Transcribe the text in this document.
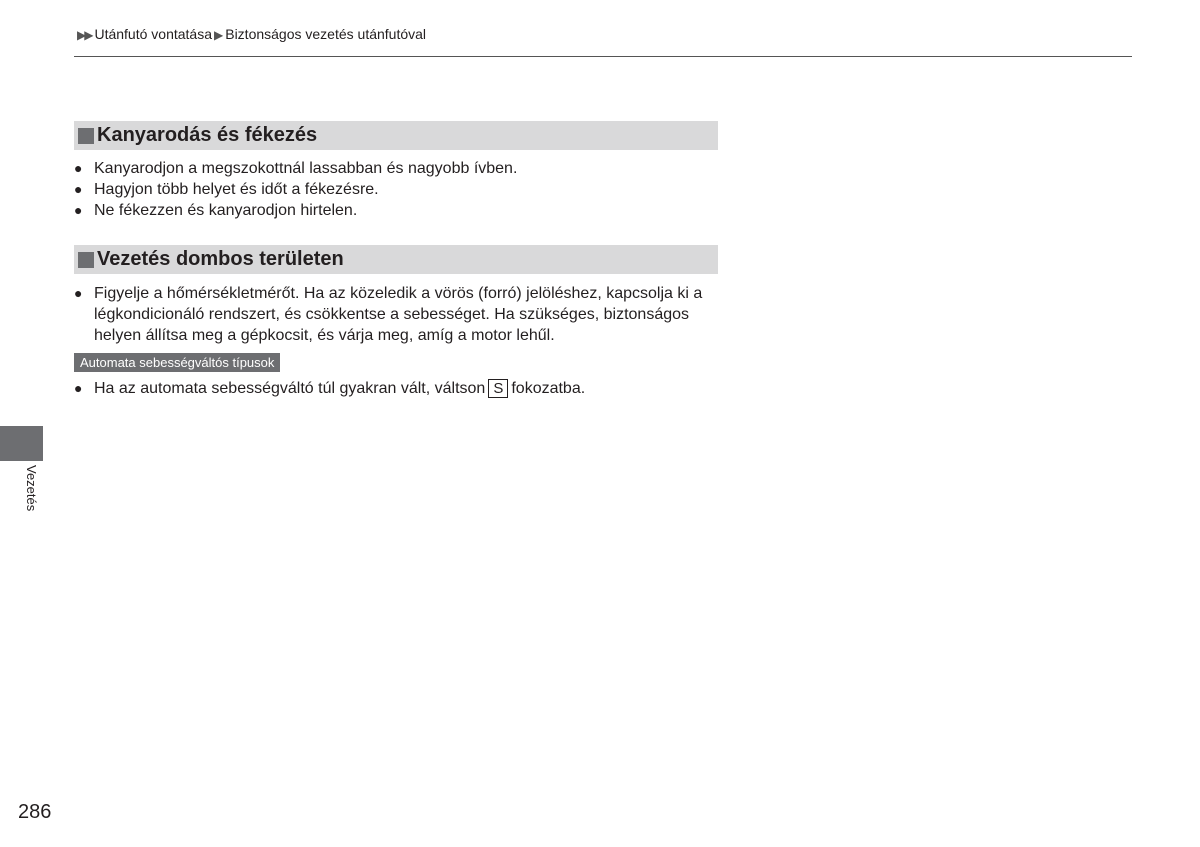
▶▶ Utánfutó vontatása ▶ Biztonságos vezetés utánfutóval
Kanyarodás és fékezés
● Kanyarodjon a megszokottnál lassabban és nagyobb ívben.
● Hagyjon több helyet és időt a fékezésre.
● Ne fékezzen és kanyarodjon hirtelen.
Vezetés dombos területen
● Figyelje a hőmérsékletmérőt. Ha az közeledik a vörös (forró) jelöléshez, kapcsolja ki a légkondicionáló rendszert, és csökkentse a sebességet. Ha szükséges, biztonságos helyen állítsa meg a gépkocsit, és várja meg, amíg a motor lehűl.
Automata sebességváltós típusok
● Ha az automata sebességváltó túl gyakran vált, váltson S fokozatba.
Vezetés
286
